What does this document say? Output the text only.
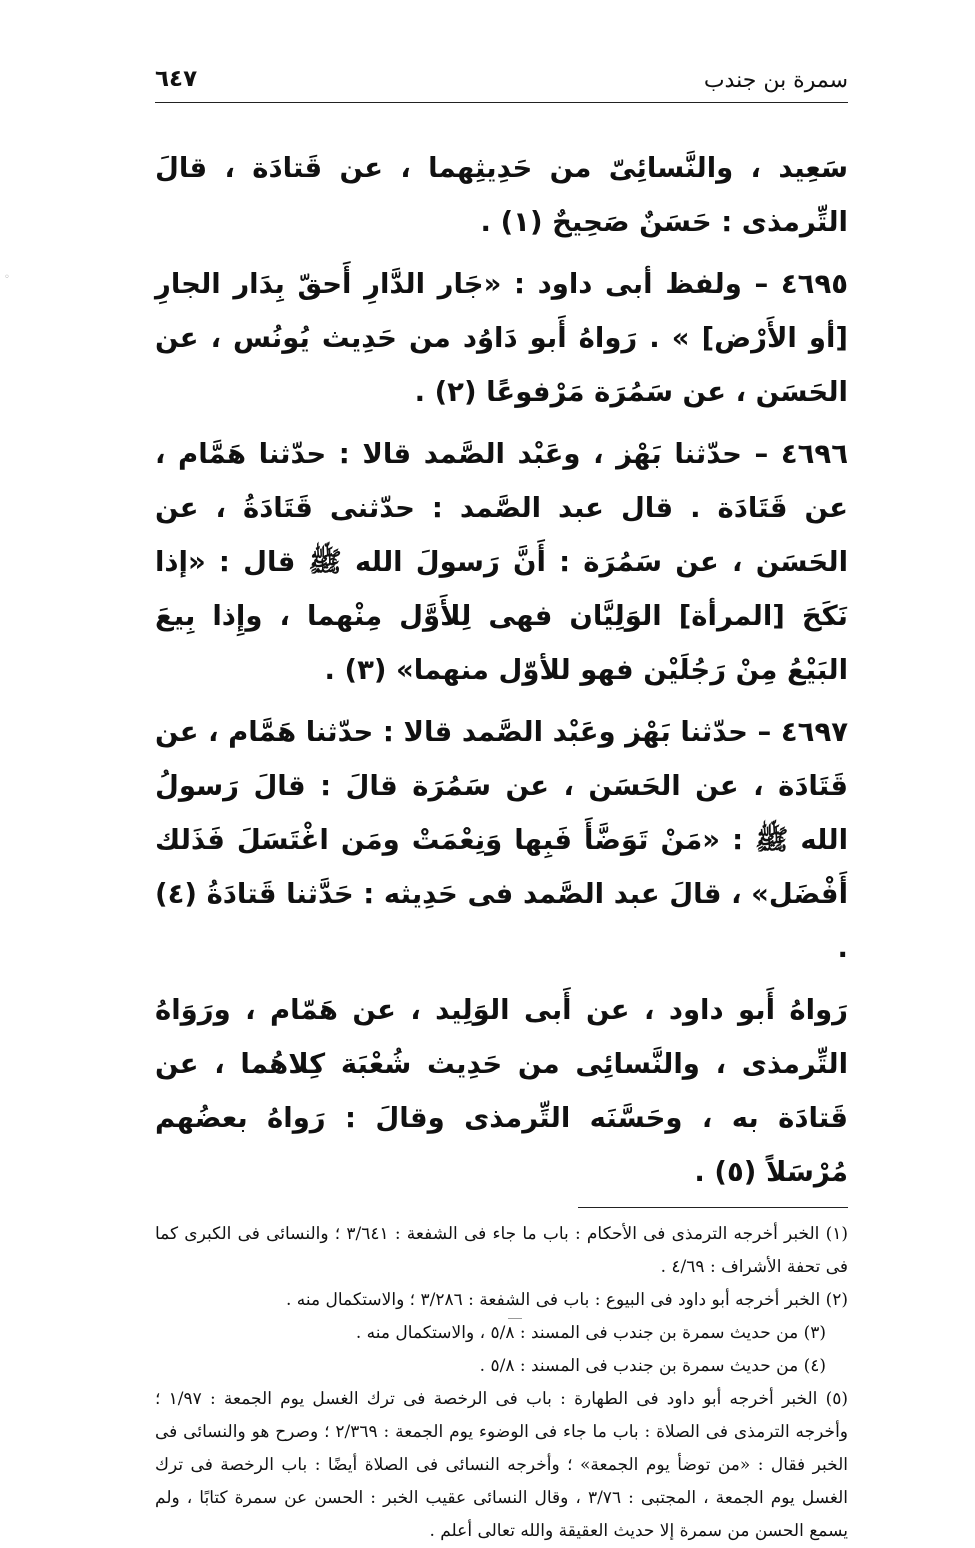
◦
سمرة بن جندب
٦٤٧

سَعِيد ، والنَّسائِىّ من حَدِيثِهما ، عن قَتادَة ، قالَ التِّرمذى : حَسَنٌ صَحِيحٌ (١) .

٤٦٩٥ – ولفظ أبى داود : «جَار الدَّارِ أَحقّ بِدَار الجارِ [أو الأَرْض] » . رَواهُ أَبو دَاوُد من حَدِيث يُونُس ، عن الحَسَن ، عن سَمُرَة مَرْفوعًا (٢) .

٤٦٩٦ – حدّثنا بَهْز ، وعَبْد الصَّمد قالا : حدّثنا هَمَّام ، عن قَتَادَة . قال عبد الصَّمد : حدّثنى قَتَادَةُ ، عن الحَسَن ، عن سَمُرَة : أَنَّ رَسولَ الله ﷺ قال : «إذا نَكَحَ [المرأة] الوَلِيَّان فهى لِلأَوَّل مِنْهما ، وإِذا بِيعَ البَيْعُ مِنْ رَجُلَيْن فهو للأوّل منهما» (٣) .

٤٦٩٧ – حدّثنا بَهْز وعَبْد الصَّمد قالا : حدّثنا هَمَّام ، عن قَتَادَة ، عن الحَسَن ، عن سَمُرَة قالَ : قالَ رَسولُ الله ﷺ : «مَنْ تَوَضَّأَ فَبِها وَنِعْمَتْ ومَن اغْتَسَلَ فَذَلك أَفْضَل» ، قالَ عبد الصَّمد فى حَدِيثه : حَدَّثنا قَتادَةُ (٤) .

رَواهُ أَبو داود ، عن أَبى الوَلِيد ، عن هَمّام ، ورَوَاهُ التِّرمذى ، والنَّسائِى من حَدِيث شُعْبَة كِلاهُما ، عن قَتادَة به ، وحَسَّنَه التِّرمذى وقالَ : رَواهُ بعضُهم مُرْسَلاً (٥) .

(١) الخبر أخرجه الترمذى فى الأحكام : باب ما جاء فى الشفعة : ٣/٦٤١ ؛ والنسائى فى الكبرى كما فى تحفة الأشراف : ٤/٦٩ .

(٢) الخبر أخرجه أبو داود فى البيوع : باب فى الشفعة : ٣/٢٨٦ ؛ والاستكمال منه .

(٣) من حديث سمرة بن جندب فى المسند : ٥/٨ ، والاستكمال منه .

(٤) من حديث سمرة بن جندب فى المسند : ٥/٨ .

(٥) الخبر أخرجه أبو داود فى الطهارة : باب فى الرخصة فى ترك الغسل يوم الجمعة : ١/٩٧ ؛ وأخرجه الترمذى فى الصلاة : باب ما جاء فى الوضوء يوم الجمعة : ٢/٣٦٩ ؛ وصرح هو والنسائى فى الخبر فقال : «من توضأ يوم الجمعة» ؛ وأخرجه النسائى فى الصلاة أيضًا : باب الرخصة فى ترك الغسل يوم الجمعة ، المجتبى : ٣/٧٦ ، وقال النسائى عقيب الخبر : الحسن عن سمرة كتابًا ، ولم يسمع الحسن من سمرة إلا حديث العقيقة والله تعالى أعلم .
